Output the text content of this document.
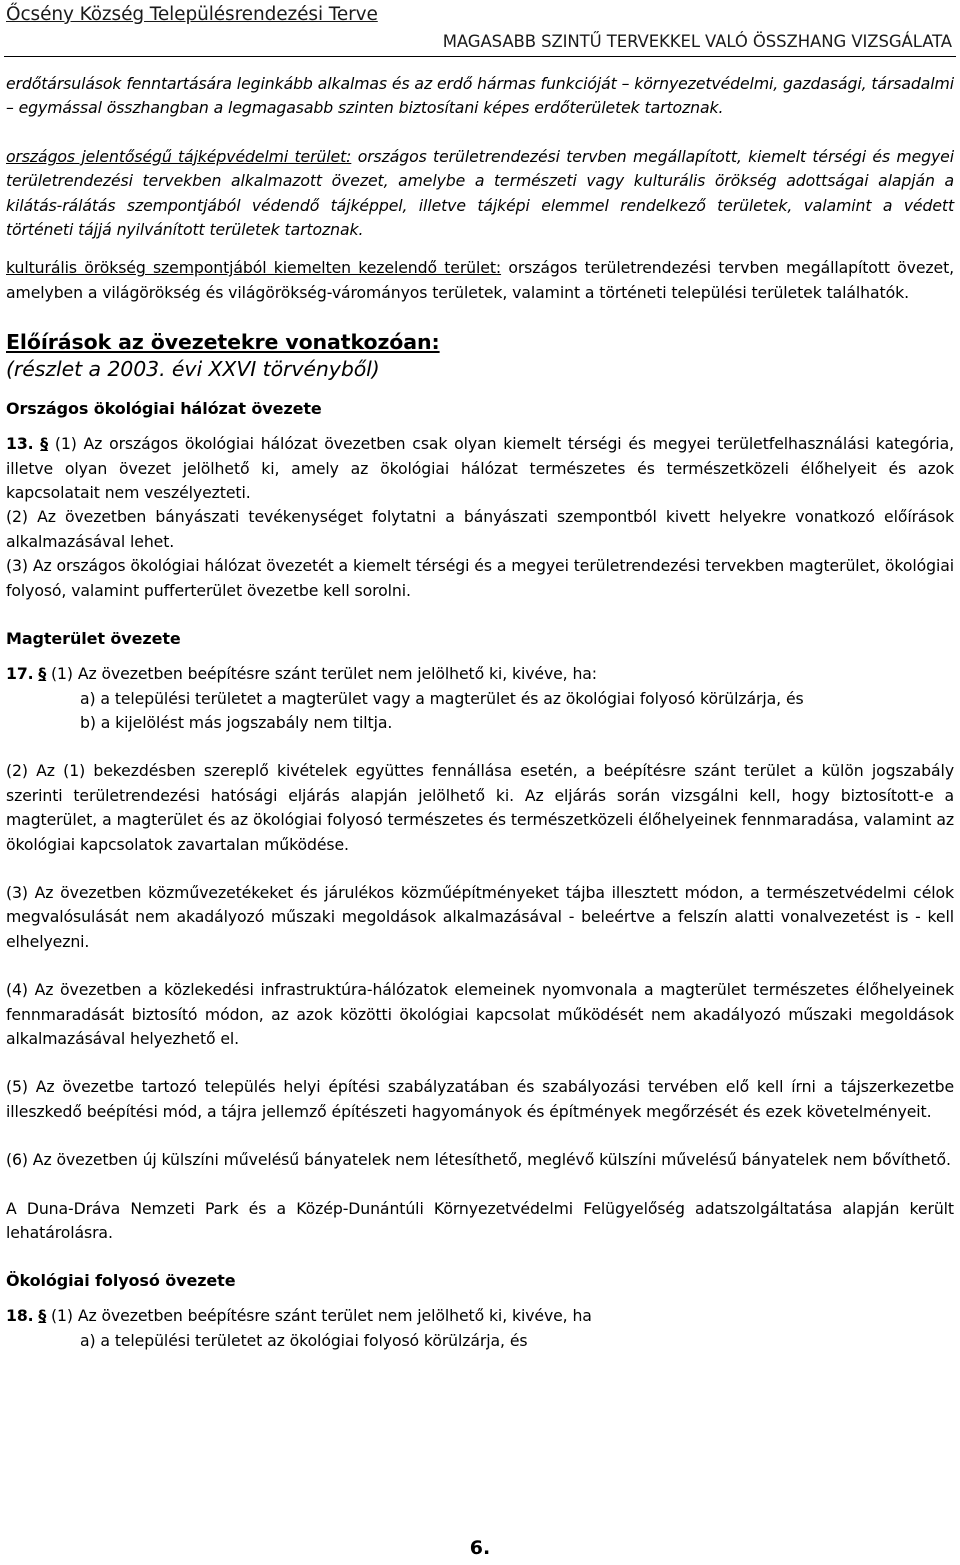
Őcsény Község Településrendezési Terve
MAGASABB SZINTŰ TERVEKKEL VALÓ ÖSSZHANG VIZSGÁLATA

erdőtársulások fenntartására leginkább alkalmas és az erdő hármas funkcióját – környezetvédelmi, gazdasági, társadalmi – egymással összhangban a legmagasabb szinten biztosítani képes erdőterületek tartoznak.

országos jelentőségű tájképvédelmi terület: országos területrendezési tervben megállapított, kiemelt térségi és megyei területrendezési tervekben alkalmazott övezet, amelybe a természeti vagy kulturális örökség adottságai alapján a kilátás-rálátás szempontjából védendő tájképpel, illetve tájképi elemmel rendelkező területek, valamint a védett történeti tájjá nyilvánított területek tartoznak.

kulturális örökség szempontjából kiemelten kezelendő terület: országos területrendezési tervben megállapított övezet, amelyben a világörökség és világörökség-várományos területek, valamint a történeti települési területek találhatók.

Előírások az övezetekre vonatkozóan:
(részlet a 2003. évi XXVI törvényből)
Országos ökológiai hálózat övezete

13. § (1) Az országos ökológiai hálózat övezetben csak olyan kiemelt térségi és megyei területfelhasználási kategória, illetve olyan övezet jelölhető ki, amely az ökológiai hálózat természetes és természetközeli élőhelyeit és azok kapcsolatait nem veszélyezteti.

(2) Az övezetben bányászati tevékenységet folytatni a bányászati szempontból kivett helyekre vonatkozó előírások alkalmazásával lehet.

(3) Az országos ökológiai hálózat övezetét a kiemelt térségi és a megyei területrendezési tervekben magterület, ökológiai folyosó, valamint pufferterület övezetbe kell sorolni.

Magterület övezete

17. § (1) Az övezetben beépítésre szánt terület nem jelölhető ki, kivéve, ha:

a) a települési területet a magterület vagy a magterület és az ökológiai folyosó körülzárja, és

b) a kijelölést más jogszabály nem tiltja.

(2) Az (1) bekezdésben szereplő kivételek együttes fennállása esetén, a beépítésre szánt terület a külön jogszabály szerinti területrendezési hatósági eljárás alapján jelölhető ki. Az eljárás során vizsgálni kell, hogy biztosított-e a magterület, a magterület és az ökológiai folyosó természetes és természetközeli élőhelyeinek fennmaradása, valamint az ökológiai kapcsolatok zavartalan működése.

(3) Az övezetben közművezetékeket és járulékos közműépítményeket tájba illesztett módon, a természetvédelmi célok megvalósulását nem akadályozó műszaki megoldások alkalmazásával - beleértve a felszín alatti vonalvezetést is - kell elhelyezni.

(4) Az övezetben a közlekedési infrastruktúra-hálózatok elemeinek nyomvonala a magterület természetes élőhelyeinek fennmaradását biztosító módon, az azok közötti ökológiai kapcsolat működését nem akadályozó műszaki megoldások alkalmazásával helyezhető el.

(5) Az övezetbe tartozó település helyi építési szabályzatában és szabályozási tervében elő kell írni a tájszerkezetbe illeszkedő beépítési mód, a tájra jellemző építészeti hagyományok és építmények megőrzését és ezek követelményeit.

(6) Az övezetben új külszíni művelésű bányatelek nem létesíthető, meglévő külszíni művelésű bányatelek nem bővíthető.

A Duna-Dráva Nemzeti Park és a Közép-Dunántúli Környezetvédelmi Felügyelőség adatszolgáltatása alapján került lehatárolásra.

Ökológiai folyosó övezete

18. § (1) Az övezetben beépítésre szánt terület nem jelölhető ki, kivéve, ha

a) a települési területet az ökológiai folyosó körülzárja, és

6.
